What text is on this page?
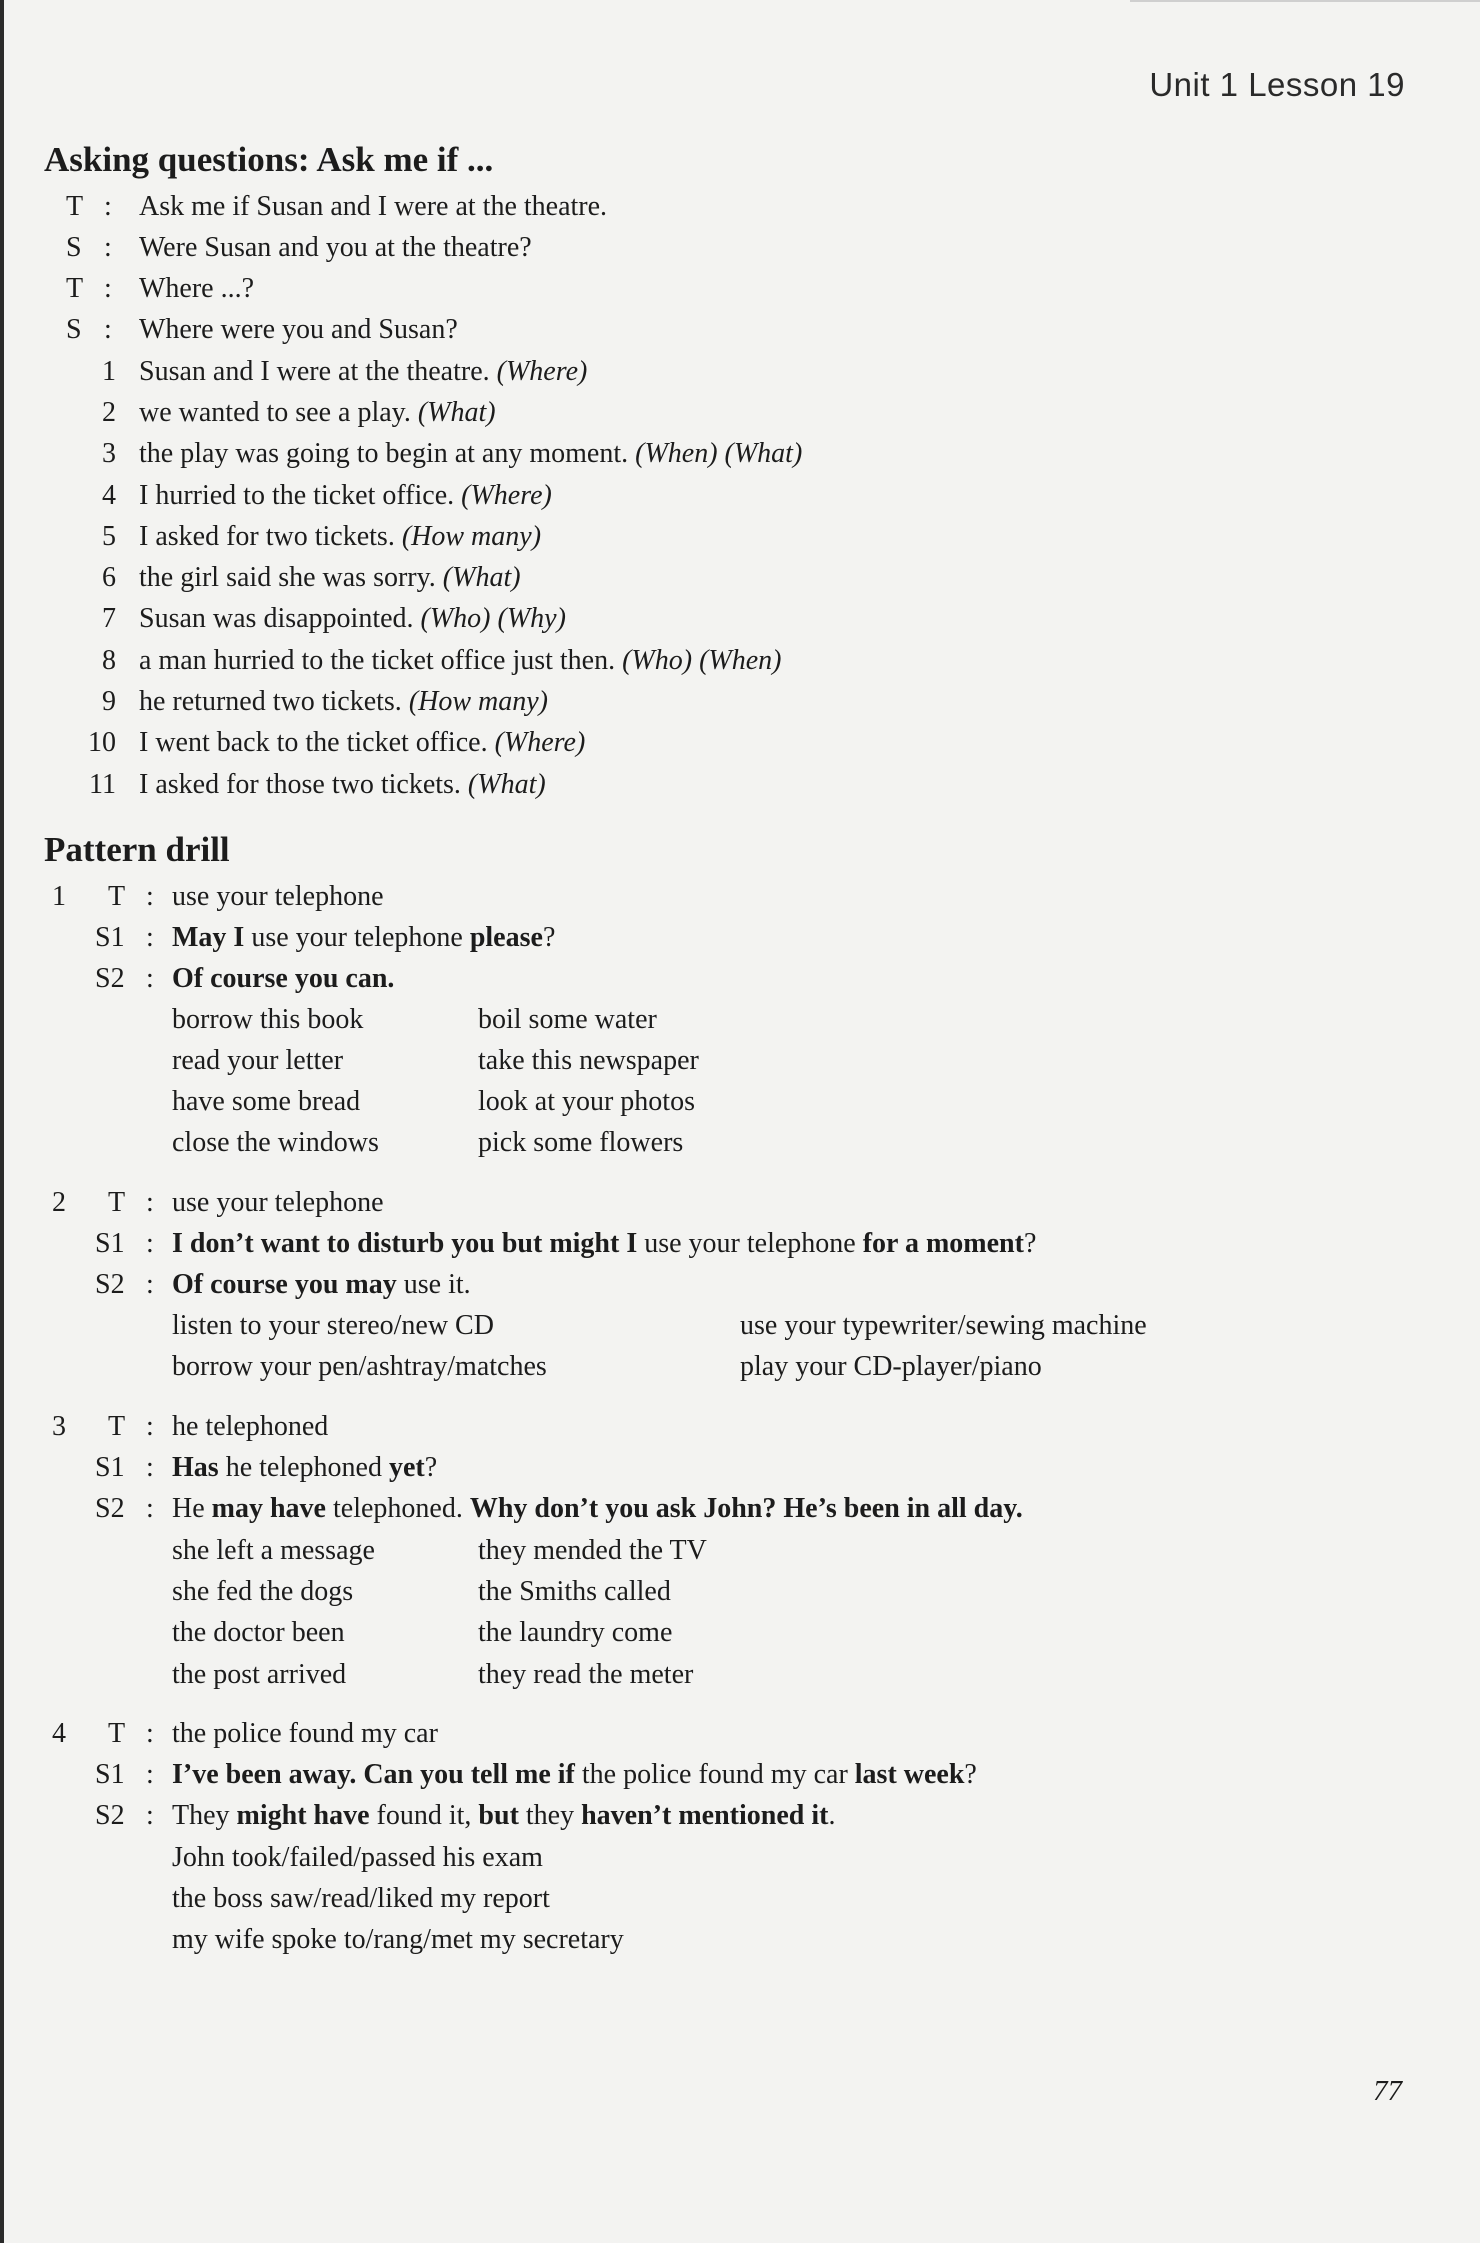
Unit 1 Lesson 19
Asking questions: Ask me if ...
T : Ask me if Susan and I were at the theatre.
S : Were Susan and you at the theatre?
T : Where ...?
S : Where were you and Susan?
1 Susan and I were at the theatre. (Where)
2 we wanted to see a play. (What)
3 the play was going to begin at any moment. (When) (What)
4 I hurried to the ticket office. (Where)
5 I asked for two tickets. (How many)
6 the girl said she was sorry. (What)
7 Susan was disappointed. (Who) (Why)
8 a man hurried to the ticket office just then. (Who) (When)
9 he returned two tickets. (How many)
10 I went back to the ticket office. (Where)
11 I asked for those two tickets. (What)
Pattern drill
1 T : use your telephone
S1 : May I use your telephone please?
S2 : Of course you can.
borrow this book
read your letter
have some bread
close the windows
boil some water
take this newspaper
look at your photos
pick some flowers
2 T : use your telephone
S1 : I don’t want to disturb you but might I use your telephone for a moment?
S2 : Of course you may use it.
listen to your stereo/new CD
borrow your pen/ashtray/matches
use your typewriter/sewing machine
play your CD-player/piano
3 T : he telephoned
S1 : Has he telephoned yet?
S2 : He may have telephoned. Why don’t you ask John? He’s been in all day.
she left a message
she fed the dogs
the doctor been
the post arrived
they mended the TV
the Smiths called
the laundry come
they read the meter
4 T : the police found my car
S1 : I’ve been away. Can you tell me if the police found my car last week?
S2 : They might have found it, but they haven’t mentioned it.
John took/failed/passed his exam
the boss saw/read/liked my report
my wife spoke to/rang/met my secretary
77
